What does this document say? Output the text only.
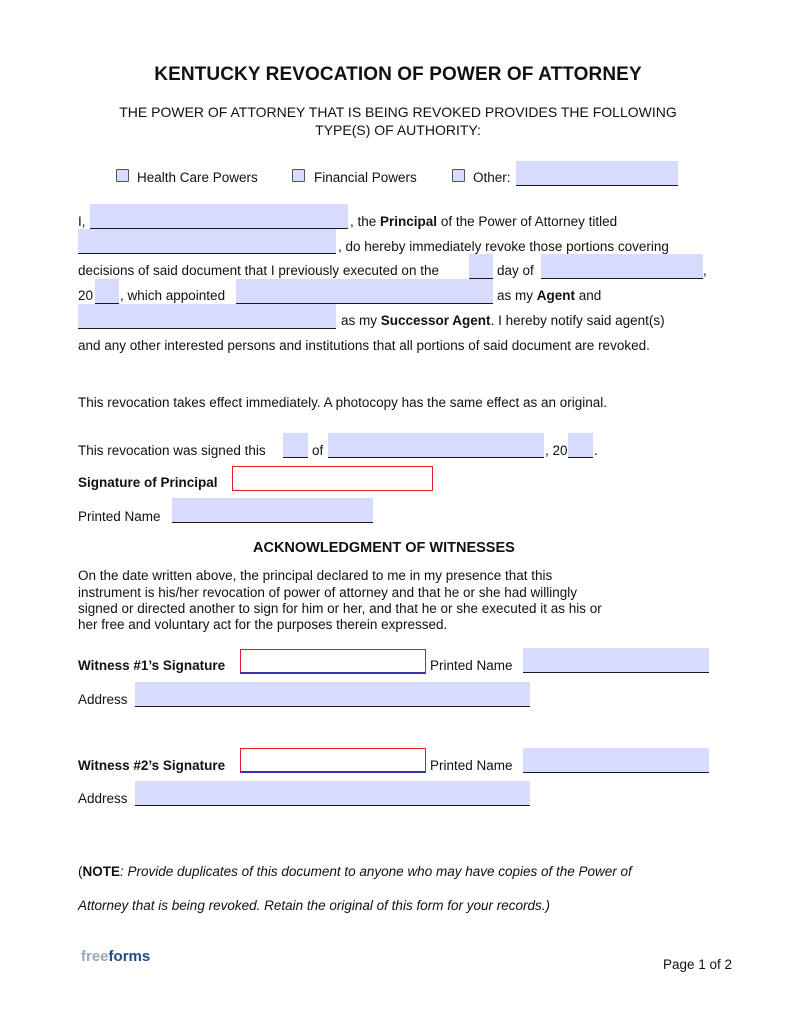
KENTUCKY REVOCATION OF POWER OF ATTORNEY
THE POWER OF ATTORNEY THAT IS BEING REVOKED PROVIDES THE FOLLOWING
TYPE(S) OF AUTHORITY:
Health Care Powers	Financial Powers	Other:
I,	, the Principal of the Power of Attorney titled
, do hereby immediately revoke those portions covering
decisions of said document that I previously executed on the	day of	,
20 , which appointed	as my Agent and
as my Successor Agent. I hereby notify said agent(s)
and any other interested persons and institutions that all portions of said document are revoked.
This revocation takes effect immediately. A photocopy has the same effect as an original.
This revocation was signed this	of	, 20 .
Signature of Principal
Printed Name
ACKNOWLEDGMENT OF WITNESSES
On the date written above, the principal declared to me in my presence that this
instrument is his/her revocation of power of attorney and that he or she had willingly
signed or directed another to sign for him or her, and that he or she executed it as his or
her free and voluntary act for the purposes therein expressed.
Witness #1’s Signature	Printed Name
Address
Witness #2’s Signature	Printed Name
Address
(NOTE: Provide duplicates of this document to anyone who may have copies of the Power of
Attorney that is being revoked. Retain the original of this form for your records.)
freeforms	Page 1 of 2
